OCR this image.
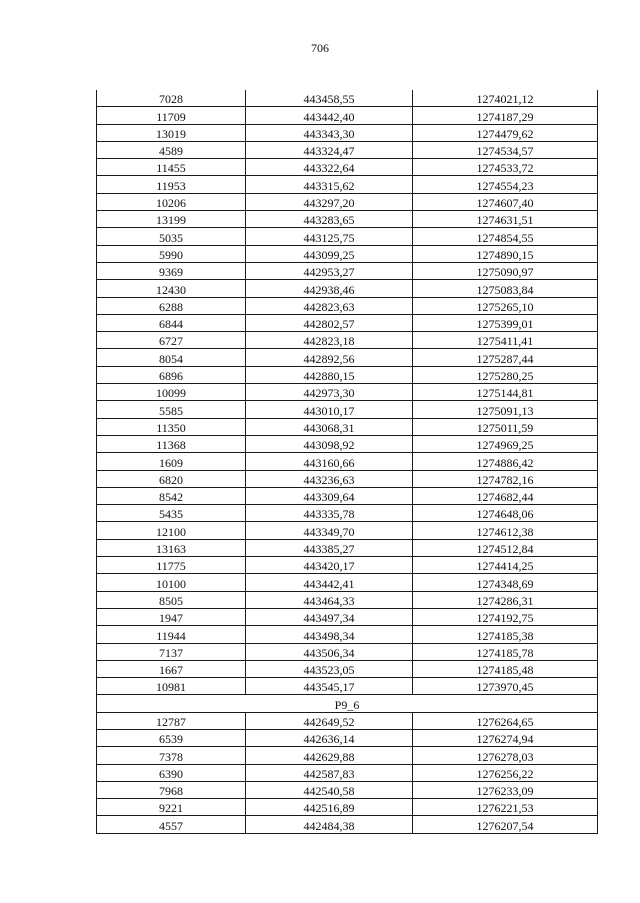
706
7028	443458,55	1274021,12
11709	443442,40	1274187,29
13019	443343,30	1274479,62
4589	443324,47	1274534,57
11455	443322,64	1274533,72
11953	443315,62	1274554,23
10206	443297,20	1274607,40
13199	443283,65	1274631,51
5035	443125,75	1274854,55
5990	443099,25	1274890,15
9369	442953,27	1275090,97
12430	442938,46	1275083,84
6288	442823,63	1275265,10
6844	442802,57	1275399,01
6727	442823,18	1275411,41
8054	442892,56	1275287,44
6896	442880,15	1275280,25
10099	442973,30	1275144,81
5585	443010,17	1275091,13
11350	443068,31	1275011,59
11368	443098,92	1274969,25
1609	443160,66	1274886,42
6820	443236,63	1274782,16
8542	443309,64	1274682,44
5435	443335,78	1274648,06
12100	443349,70	1274612,38
13163	443385,27	1274512,84
11775	443420,17	1274414,25
10100	443442,41	1274348,69
8505	443464,33	1274286,31
1947	443497,34	1274192,75
11944	443498,34	1274185,38
7137	443506,34	1274185,78
1667	443523,05	1274185,48
10981	443545,17	1273970,45
P9_6		
12787	442649,52	1276264,65
6539	442636,14	1276274,94
7378	442629,88	1276278,03
6390	442587,83	1276256,22
7968	442540,58	1276233,09
9221	442516,89	1276221,53
4557	442484,38	1276207,54
